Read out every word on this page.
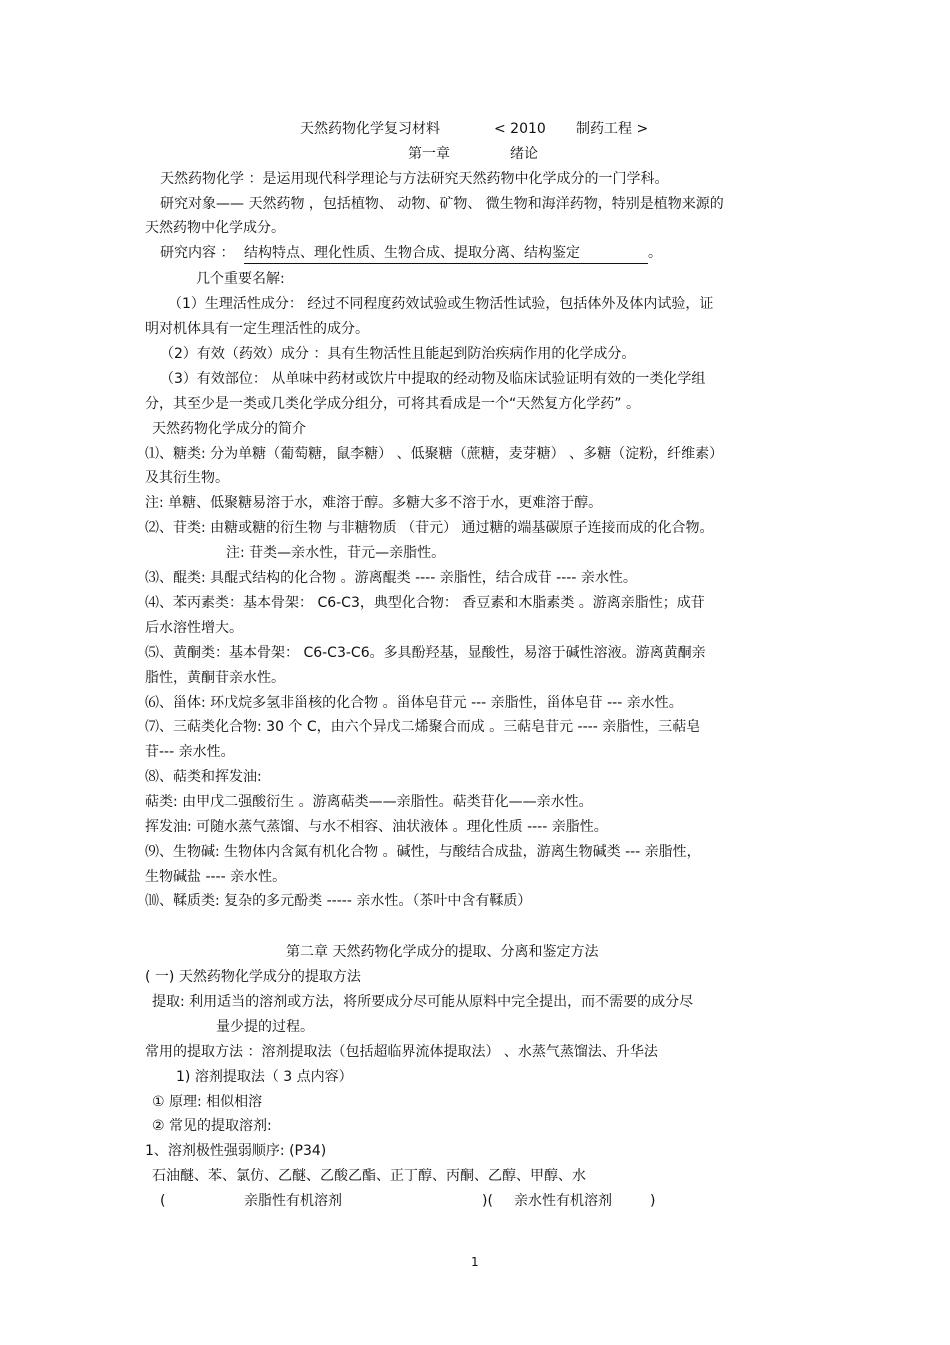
天然药物化学复习材料	< 2010 制药工程 >
第一章	绪论
天然药物化学 ：是运用现代科学理论与方法研究天然药物中化学成分的一门学科。
研究对象—— 天然药物 ，包括植物、 动物、矿物、 微生物和海洋药物，特别是植物来源的
天然药物中化学成分。
研究内容 ： 结构特点、理化性质、生物合成、提取分离、结构鉴定	。
几个重要名解:
（1）生理活性成分： 经过不同程度药效试验或生物活性试验，包括体外及体内试验，证
明对机体具有一定生理活性的成分。
（2）有效（药效）成分 ：具有生物活性且能起到防治疾病作用的化学成分。
（3）有效部位： 从单味中药材或饮片中提取的经动物及临床试验证明有效的一类化学组
分，其至少是一类或几类化学成分组分，可将其看成是一个“天然复方化学药” 。
天然药物化学成分的简介
⑴、糖类: 分为单糖（葡萄糖，鼠李糖） 、低聚糖（蔗糖，麦芽糖） 、多糖（淀粉，纤维素）
及其衍生物。
注: 单糖、低聚糖易溶于水，难溶于醇。多糖大多不溶于水，更难溶于醇。
⑵、苷类: 由糖或糖的衍生物 与非糖物质 （苷元） 通过糖的端基碳原子连接而成的化合物。
注: 苷类—亲水性，苷元—亲脂性。
⑶、醌类: 具醌式结构的化合物 。游离醌类 ---- 亲脂性，结合成苷 ---- 亲水性。
⑷、苯丙素类：基本骨架： C6-C3，典型化合物： 香豆素和木脂素类 。游离亲脂性；成苷
后水溶性增大。
⑸、黄酮类：基本骨架： C6-C3-C6。多具酚羟基，显酸性，易溶于碱性溶液。游离黄酮亲
脂性，黄酮苷亲水性。
⑹、甾体: 环戊烷多氢非甾核的化合物 。甾体皂苷元 --- 亲脂性，甾体皂苷 --- 亲水性。
⑺、三萜类化合物: 30 个 C，由六个异戊二烯聚合而成 。三萜皂苷元 ---- 亲脂性，三萜皂
苷--- 亲水性。
⑻、萜类和挥发油:
萜类: 由甲戊二强酸衍生 。游离萜类——亲脂性。萜类苷化——亲水性。
挥发油: 可随水蒸气蒸馏、与水不相容、油状液体 。理化性质 ---- 亲脂性。
⑼、生物碱: 生物体内含氮有机化合物 。碱性，与酸结合成盐，游离生物碱类 --- 亲脂性，
生物碱盐 ---- 亲水性。
⑽、鞣质类: 复杂的多元酚类 ----- 亲水性。（茶叶中含有鞣质）
第二章 天然药物化学成分的提取、分离和鉴定方法
( 一) 天然药物化学成分的提取方法
提取: 利用适当的溶剂或方法，将所要成分尽可能从原料中完全提出，而不需要的成分尽
量少提的过程。
常用的提取方法 ：溶剂提取法（包括超临界流体提取法） 、水蒸气蒸馏法、升华法
1) 溶剂提取法（ 3 点内容）
① 原理: 相似相溶
② 常见的提取溶剂:
1、溶剂极性强弱顺序: (P34)
石油醚、苯、氯仿、乙醚、乙酸乙酯、正丁醇、丙酮、乙醇、甲醇、水
(	亲脂性有机溶剂	)( 亲水性有机溶剂	)
1
